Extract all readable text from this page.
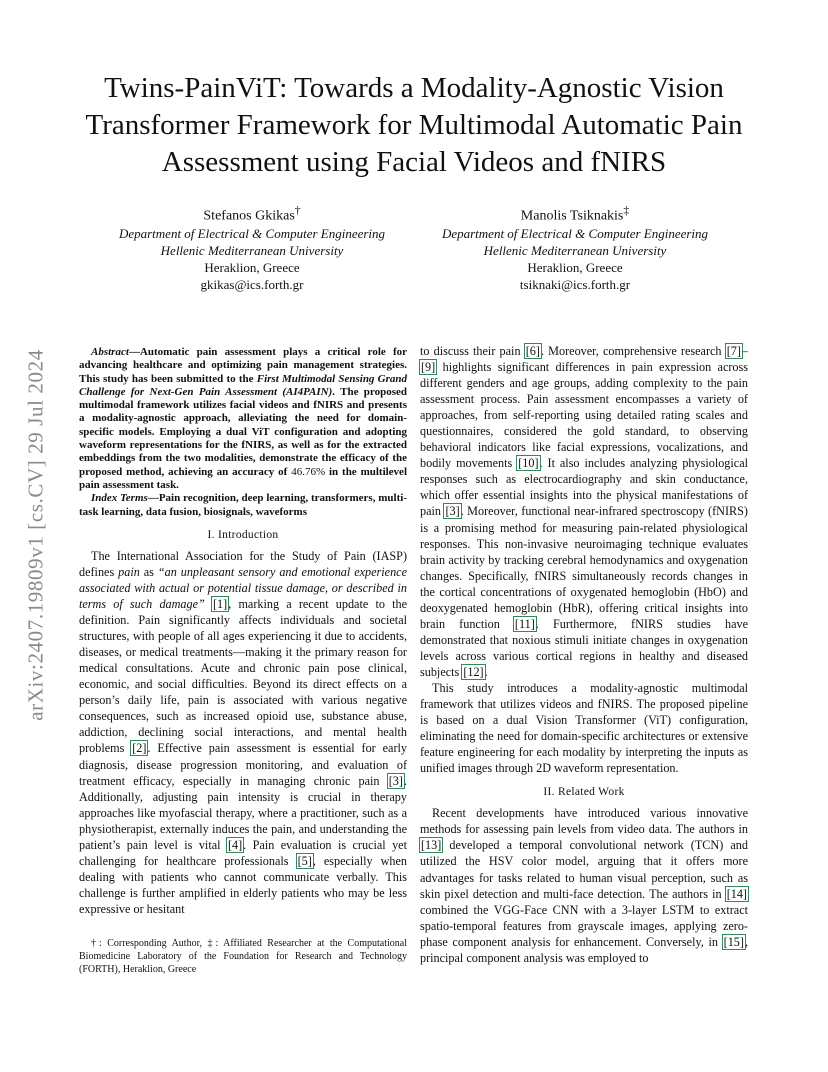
arXiv:2407.19809v1 [cs.CV] 29 Jul 2024
Twins-PainViT: Towards a Modality-Agnostic Vision Transformer Framework for Multimodal Automatic Pain Assessment using Facial Videos and fNIRS
Stefanos Gkikas†
Department of Electrical & Computer Engineering
Hellenic Mediterranean University
Heraklion, Greece
gkikas@ics.forth.gr
Manolis Tsiknakis‡
Department of Electrical & Computer Engineering
Hellenic Mediterranean University
Heraklion, Greece
tsiknaki@ics.forth.gr

Abstract—Automatic pain assessment plays a critical role for advancing healthcare and optimizing pain management strategies. This study has been submitted to the First Multimodal Sensing Grand Challenge for Next-Gen Pain Assessment (AI4PAIN). The proposed multimodal framework utilizes facial videos and fNIRS and presents a modality-agnostic approach, alleviating the need for domain-specific models. Employing a dual ViT configuration and adopting waveform representations for the fNIRS, as well as for the extracted embeddings from the two modalities, demonstrate the efficacy of the proposed method, achieving an accuracy of 46.76% in the multilevel pain assessment task.

Index Terms—Pain recognition, deep learning, transformers, multi-task learning, data fusion, biosignals, waveforms

I. Introduction

The International Association for the Study of Pain (IASP) defines pain as “an unpleasant sensory and emotional experience associated with actual or potential tissue damage, or described in terms of such damage” [1], marking a recent update to the definition. Pain significantly affects individuals and societal structures, with people of all ages experiencing it due to accidents, diseases, or medical treatments—making it the primary reason for medical consultations. Acute and chronic pain pose clinical, economic, and social difficulties. Beyond its direct effects on a person’s daily life, pain is associated with various negative consequences, such as increased opioid use, substance abuse, addiction, declining social interactions, and mental health problems [2]. Effective pain assessment is essential for early diagnosis, disease progression monitoring, and evaluation of treatment efficacy, especially in managing chronic pain [3]. Additionally, adjusting pain intensity is crucial in therapy approaches like myofascial therapy, where a practitioner, such as a physiotherapist, externally induces the pain, and understanding the patient’s pain level is vital [4]. Pain evaluation is crucial yet challenging for healthcare professionals [5], especially when dealing with patients who cannot communicate verbally. This challenge is further amplified in elderly patients who may be less expressive or hesitant

to discuss their pain [6]. Moreover, comprehensive research [7]–[9] highlights significant differences in pain expression across different genders and age groups, adding complexity to the pain assessment process. Pain assessment encompasses a variety of approaches, from self-reporting using detailed rating scales and questionnaires, considered the gold standard, to observing behavioral indicators like facial expressions, vocalizations, and bodily movements [10]. It also includes analyzing physiological responses such as electrocardiography and skin conductance, which offer essential insights into the physical manifestations of pain [3]. Moreover, functional near-infrared spectroscopy (fNIRS) is a promising method for measuring pain-related physiological responses. This non-invasive neuroimaging technique evaluates brain activity by tracking cerebral hemodynamics and oxygenation changes. Specifically, fNIRS simultaneously records changes in the cortical concentrations of oxygenated hemoglobin (HbO) and deoxygenated hemoglobin (HbR), offering critical insights into brain function [11]. Furthermore, fNIRS studies have demonstrated that noxious stimuli initiate changes in oxygenation levels across various cortical regions in healthy and diseased subjects [12].

This study introduces a modality-agnostic multimodal framework that utilizes videos and fNIRS. The proposed pipeline is based on a dual Vision Transformer (ViT) configuration, eliminating the need for domain-specific architectures or extensive feature engineering for each modality by interpreting the inputs as unified images through 2D waveform representation.

II. Related Work

Recent developments have introduced various innovative methods for assessing pain levels from video data. The authors in [13] developed a temporal convolutional network (TCN) and utilized the HSV color model, arguing that it offers more advantages for tasks related to human visual perception, such as skin pixel detection and multi-face detection. The authors in [14] combined the VGG-Face CNN with a 3-layer LSTM to extract spatio-temporal features from grayscale images, applying zero-phase component analysis for enhancement. Conversely, in [15], principal component analysis was employed to

†: Corresponding Author, ‡: Affiliated Researcher at the Computational Biomedicine Laboratory of the Foundation for Research and Technology (FORTH), Heraklion, Greece
